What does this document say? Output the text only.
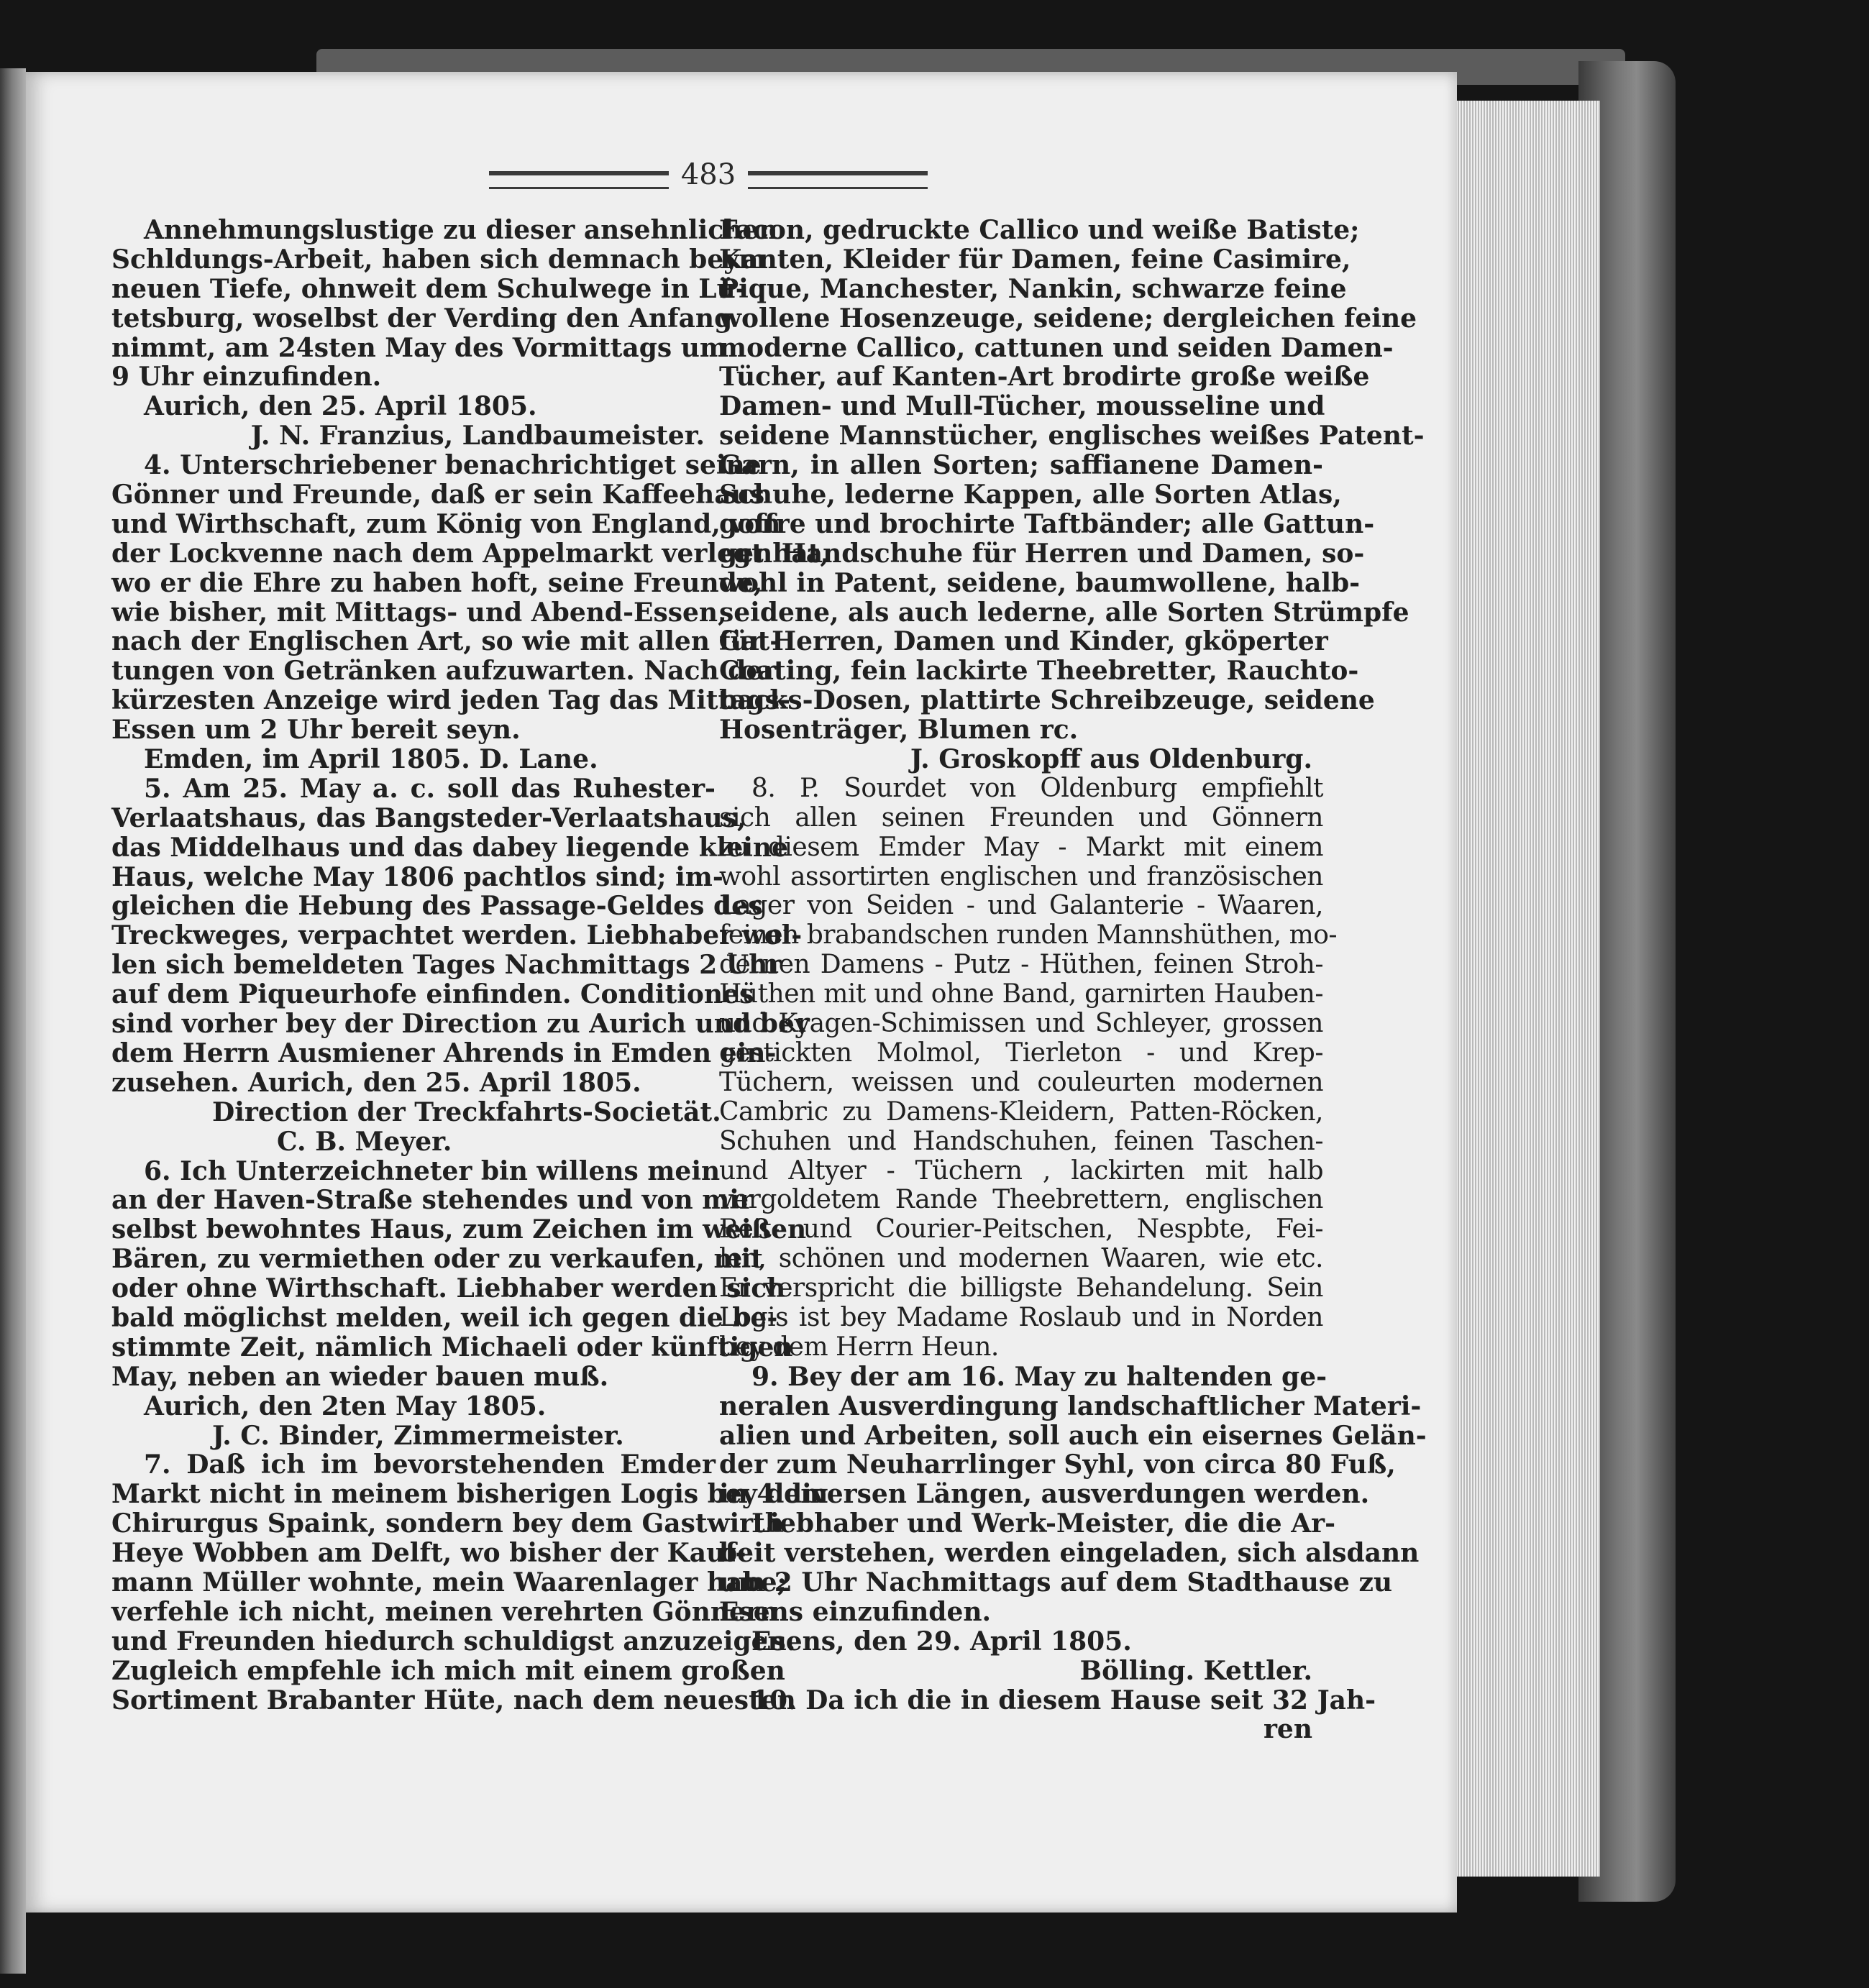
483
Annehmungslustige zu dieser ansehnlichen
Schldungs-Arbeit, haben sich demnach beym
neuen Tiefe, ohnweit dem Schulwege in Lü-
tetsburg, woselbst der Verding den Anfang
nimmt, am 24sten May des Vormittags um
9 Uhr einzufinden.
Aurich, den 25. April 1805.
J. N. Franzius, Landbaumeister.
4. Unterschriebener benachrichtiget seine
Gönner und Freunde, daß er sein Kaffeehaus
und Wirthschaft, zum König von England, von
der Lockvenne nach dem Appelmarkt verlegt hat,
wo er die Ehre zu haben hoft, seine Freunde,
wie bisher, mit Mittags- und Abend-Essen,
nach der Englischen Art, so wie mit allen Gat-
tungen von Getränken aufzuwarten. Nach der
kürzesten Anzeige wird jeden Tag das Mittags-
Essen um 2 Uhr bereit seyn.
Emden, im April 1805. D. Lane.
5. Am 25. May a. c. soll das Ruhester-
Verlaatshaus, das Bangsteder-Verlaatshaus,
das Middelhaus und das dabey liegende kleine
Haus, welche May 1806 pachtlos sind; im-
gleichen die Hebung des Passage-Geldes des
Treckweges, verpachtet werden. Liebhaber wol-
len sich bemeldeten Tages Nachmittags 2 Uhr
auf dem Piqueurhofe einfinden. Conditiones
sind vorher bey der Direction zu Aurich und bey
dem Herrn Ausmiener Ahrends in Emden ein-
zusehen. Aurich, den 25. April 1805.
Direction der Treckfahrts-Societät.
C. B. Meyer.
6. Ich Unterzeichneter bin willens mein
an der Haven-Straße stehendes und von mir
selbst bewohntes Haus, zum Zeichen im weißen
Bären, zu vermiethen oder zu verkaufen, mit
oder ohne Wirthschaft. Liebhaber werden sich
bald möglichst melden, weil ich gegen die be-
stimmte Zeit, nämlich Michaeli oder künftigen
May, neben an wieder bauen muß.
Aurich, den 2ten May 1805.
J. C. Binder, Zimmermeister.
7. Daß ich im bevorstehenden Emder
Markt nicht in meinem bisherigen Logis bey dem
Chirurgus Spaink, sondern bey dem Gastwirth
Heye Wobben am Delft, wo bisher der Kauf-
mann Müller wohnte, mein Waarenlager habe;
verfehle ich nicht, meinen verehrten Gönnern
und Freunden hiedurch schuldigst anzuzeigen.
Zugleich empfehle ich mich mit einem großen
Sortiment Brabanter Hüte, nach dem neuesten
Facon, gedruckte Callico und weiße Batiste;
Kanten, Kleider für Damen, feine Casimire,
Pique, Manchester, Nankin, schwarze feine
wollene Hosenzeuge, seidene; dergleichen feine
moderne Callico, cattunen und seiden Damen-
Tücher, auf Kanten-Art brodirte große weiße
Damen- und Mull-Tücher, mousseline und
seidene Mannstücher, englisches weißes Patent-
Garn, in allen Sorten; saffianene Damen-
Schuhe, lederne Kappen, alle Sorten Atlas,
goffre und brochirte Taftbänder; alle Gattun-
gen Handschuhe für Herren und Damen, so-
wohl in Patent, seidene, baumwollene, halb-
seidene, als auch lederne, alle Sorten Strümpfe
für Herren, Damen und Kinder, gköperter
Coating, fein lackirte Theebretter, Rauchto-
backs-Dosen, plattirte Schreibzeuge, seidene
Hosenträger, Blumen rc.
J. Groskopff aus Oldenburg.
8. P. Sourdet von Oldenburg empfiehlt
sich allen seinen Freunden und Gönnern
zu diesem Emder May - Markt mit einem
wohl assortirten englischen und französischen
Lager von Seiden - und Galanterie - Waaren,
feinen brabandschen runden Mannshüthen, mo-
dernen Damens - Putz - Hüthen, feinen Stroh-
Hüthen mit und ohne Band, garnirten Hauben-
und Kragen-Schimissen und Schleyer, grossen
gestickten Molmol, Tierleton - und Krep-
Tüchern, weissen und couleurten modernen
Cambric zu Damens-Kleidern, Patten-Röcken,
Schuhen und Handschuhen, feinen Taschen-
und Altyer - Tüchern , lackirten mit halb
vergoldetem Rande Theebrettern, englischen
Reit- und Courier-Peitschen, Nespbte, Fei-
len, schönen und modernen Waaren, wie etc.
Er verspricht die billigste Behandelung. Sein
Logis ist bey Madame Roslaub und in Norden
bey dem Herrn Heun.
9. Bey der am 16. May zu haltenden ge-
neralen Ausverdingung landschaftlicher Materi-
alien und Arbeiten, soll auch ein eisernes Gelän-
der zum Neuharrlinger Syhl, von circa 80 Fuß,
in 4 diversen Längen, ausverdungen werden.
Liebhaber und Werk-Meister, die die Ar-
beit verstehen, werden eingeladen, sich alsdann
um 2 Uhr Nachmittags auf dem Stadthause zu
Esens einzufinden.
Esens, den 29. April 1805.
Bölling. Kettler.
10. Da ich die in diesem Hause seit 32 Jah-
ren
